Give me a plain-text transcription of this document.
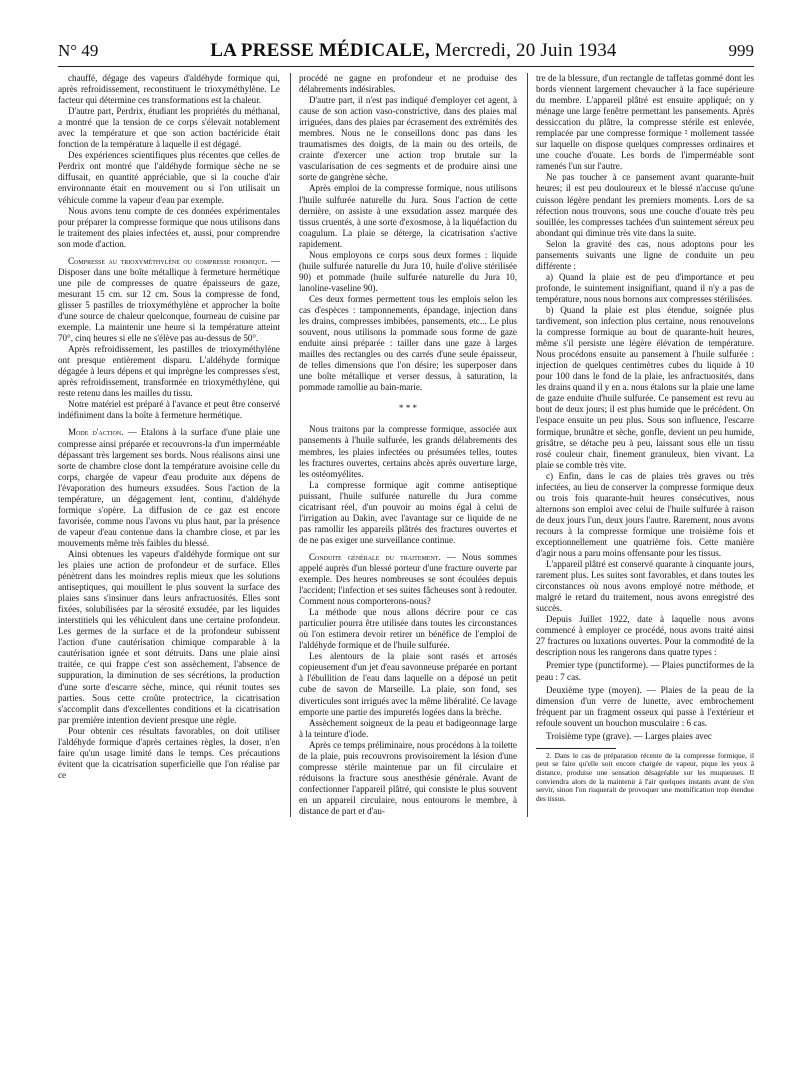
N° 49	LA PRESSE MÉDICALE, Mercredi, 20 Juin 1934	999

chauffé, dégage des vapeurs d'aldéhyde formique qui, après refroidissement, reconstituent le trioxyméthylène. Le facteur qui détermine ces transformations est la chaleur.

D'autre part, Perdrix, étudiant les propriétés du méthanal, a montré que la tension de ce corps s'élevait notablement avec la température et que son action bactéricide était fonction de la température à laquelle il est dégagé.

Des expériences scientifiques plus récentes que celles de Perdrix ont montré que l'aldéhyde formique sèche ne se diffusait, en quantité appréciable, que si la couche d'air environnante était en mouvement ou si l'on utilisait un véhicule comme la vapeur d'eau par exemple.

Nous avons tenu compte de ces données expérimentales pour préparer la compresse formique que nous utilisons dans le traitement des plaies infectées et, aussi, pour comprendre son mode d'action.

Compresse au trioxyméthylène ou compresse formique. — Disposer dans une boîte métallique à fermeture hermétique une pile de compresses de quatre épaisseurs de gaze, mesurant 15 cm. sur 12 cm. Sous la compresse de fond, glisser 5 pastilles de trioxyméthylène et approcher la boîte d'une source de chaleur quelconque, fourneau de cuisine par exemple. La maintenir une heure si la température atteint 70°, cinq heures si elle ne s'élève pas au-dessus de 50°.

Après refroidissement, les pastilles de trioxyméthylène ont presque entièrement disparu. L'aldéhyde formique dégagée à leurs dépens et qui imprègne les compresses s'est, après refroidissement, transformée en trioxyméthylène, qui reste retenu dans les mailles du tissu.

Notre matériel est préparé à l'avance et peut être conservé indéfiniment dans la boîte à fermeture hermétique.

Mode d'action. — Etalons à la surface d'une plaie une compresse ainsi préparée et recouvrons-la d'un imperméable dépassant très largement ses bords. Nous réalisons ainsi une sorte de chambre close dont la température avoisine celle du corps, chargée de vapeur d'eau produite aux dépens de l'évaporation des humeurs exsudées. Sous l'action de la température, un dégagement lent, continu, d'aldéhyde formique s'opère. La diffusion de ce gaz est encore favorisée, comme nous l'avons vu plus haut, par la présence de vapeur d'eau contenue dans la chambre close, et par les mouvements même très faibles du blessé.

Ainsi obtenues les vapeurs d'aldéhyde formique ont sur les plaies une action de profondeur et de surface. Elles pénètrent dans les moindres replis mieux que les solutions antiseptiques, qui mouillent le plus souvent la surface des plaies sans s'insinuer dans leurs anfractuosités. Elles sont fixées, solubilisées par la sérosité exsudée, par les liquides interstitiels qui les véhiculent dans une certaine profondeur. Les germes de la surface et de la profondeur subissent l'action d'une cautérisation chimique comparable à la cautérisation ignée et sont détruits. Dans une plaie ainsi traitée, ce qui frappe c'est son assèchement, l'absence de suppuration, la diminution de ses sécrétions, la production d'une sorte d'escarre sèche, mince, qui réunit toutes ses parties. Sous cette croûte protectrice, la cicatrisation s'accomplit dans d'excellentes conditions et la cicatrisation par première intention devient presque une règle.

Pour obtenir ces résultats favorables, on doit utiliser l'aldéhyde formique d'après certaines règles, la doser, n'en faire qu'un usage limité dans le temps. Ces précautions évitent que la cicatrisation superficielle que l'on réalise par ce

procédé ne gagne en profondeur et ne produise des délabrements indésirables.

D'autre part, il n'est pas indiqué d'employer cet agent, à cause de son action vaso-constrictive, dans des plaies mal irriguées, dans des plaies par écrasement des extrémités des membres. Nous ne le conseillons donc pas dans les traumatismes des doigts, de la main ou des orteils, de crainte d'exercer une action trop brutale sur la vascularisation de ces segments et de produire ainsi une sorte de gangrène sèche.

Après emploi de la compresse formique, nous utilisons l'huile sulfurée naturelle du Jura. Sous l'action de cette dernière, on assiste à une exsudation assez marquée des tissus cruentés, à une sorte d'exosmose, à la liquéfaction du coagulum. La plaie se déterge, la cicatrisation s'active rapidement.

Nous employons ce corps sous deux formes : liquide (huile sulfurée naturelle du Jura 10, huile d'olive stérilisée 90) et pommade (huile sulfurée naturelle du Jura 10, lanoline-vaseline 90).

Ces deux formes permettent tous les emplois selon les cas d'espèces : tamponnements, épandage, injection dans les drains, compresses imbibées, pansements, etc... Le plus souvent, nous utilisons la pommade sous forme de gaze enduite ainsi préparée : tailler dans une gaze à larges mailles des rectangles ou des carrés d'une seule épaisseur, de telles dimensions que l'on désire; les superposer dans une boîte métallique et verser dessus, à saturation, la pommade ramollie au bain-marie.

* * *

Nous traitons par la compresse formique, associée aux pansements à l'huile sulfurée, les grands délabrements des membres, les plaies infectées ou présumées telles, toutes les fractures ouvertes, certains abcès après ouverture large, les ostéomyélites.

La compresse formique agit comme antiseptique puissant, l'huile sulfurée naturelle du Jura comme cicatrisant réel, d'un pouvoir au moins égal à celui de l'irrigation au Dakin, avec l'avantage sur ce liquide de ne pas ramollir les appareils plâtrés des fractures ouvertes et de ne pas exiger une surveillance continue.

Conduite générale du traitement. — Nous sommes appelé auprès d'un blessé porteur d'une fracture ouverte par exemple. Des heures nombreuses se sont écoulées depuis l'accident; l'infection et ses suites fâcheuses sont à redouter. Comment nous comporterons-nous?

La méthode que nous allons décrire pour ce cas particulier pourra être utilisée dans toutes les circonstances où l'on estimera devoir retirer un bénéfice de l'emploi de l'aldéhyde formique et de l'huile sulfurée.

Les alentours de la plaie sont rasés et arrosés copieusement d'un jet d'eau savonneuse préparée en portant à l'ébullition de l'eau dans laquelle on a déposé un petit cube de savon de Marseille. La plaie, son fond, ses diverticules sont irrigués avec la même libéralité. Ce lavage emporte une partie des impuretés logées dans la brèche.

Assèchement soigneux de la peau et badigeonnage large à la teinture d'iode.

Après ce temps préliminaire, nous procédons à la toilette de la plaie, puis recouvrons provisoirement la lésion d'une compresse stérile maintenue par un fil circulaire et réduisons la fracture sous anesthésie générale. Avant de confectionner l'appareil plâtré, qui consiste le plus souvent en un appareil circulaire, nous entourons le membre, à distance de part et d'au-

tre de la blessure, d'un rectangle de taffetas gommé dont les bords viennent largement chevaucher à la face supérieure du membre. L'appareil plâtré est ensuite appliqué; on y ménage une large fenêtre permettant les pansements. Après dessiccation du plâtre, la compresse stérile est enlevée, remplacée par une compresse formique ² mollement tassée sur laquelle on dispose quelques compresses ordinaires et une couche d'ouate. Les bords de l'imperméable sont ramenés l'un sur l'autre.

Ne pas toucher à ce pansement avant quarante-huit heures; il est peu douloureux et le blessé n'accuse qu'une cuisson légère pendant les premiers moments. Lors de sa réfection nous trouvons, sous une couche d'ouate très peu souillée, les compresses tachées d'un suintement séreux peu abondant qui diminue très vite dans la suite.

Selon la gravité des cas, nous adoptons pour les pansements suivants une ligne de conduite un peu différente :

a) Quand la plaie est de peu d'importance et peu profonde, le suintement insignifiant, quand il n'y a pas de température, nous nous bornons aux compresses stérilisées.

b) Quand la plaie est plus étendue, soignée plus tardivement, son infection plus certaine, nous renouvelons la compresse formique au bout de quarante-huit heures, même s'il persiste une légère élévation de température. Nous procédons ensuite au pansement à l'huile sulfurée : injection de quelques centimètres cubes du liquide à 10 pour 100 dans le fond de la plaie, les anfractuosités, dans les drains quand il y en a. nous étalons sur la plaie une lame de gaze enduite d'huile sulfurée. Ce pansement est revu au bout de deux jours; il est plus humide que le précédent. On l'espace ensuite un peu plus. Sous son influence, l'escarre formique, brunâtre et sèche, gonfle, devient un peu humide, grisâtre, se détache peu à peu, laissant sous elle un tissu rosé couleur chair, finement granuleux, bien vivant. La plaie se comble très vite.

c) Enfin, dans le cas de plaies très graves ou très infectées, au lieu de conserver la compresse formique deux ou trois fois quarante-huit heures consécutives, nous alternons son emploi avec celui de l'huile sulfurée à raison de deux jours l'un, deux jours l'autre. Rarement, nous avons recours à la compresse formique une troisième fois et exceptionnellement une quatrième fois. Cette manière d'agir nous a paru moins offensante pour les tissus.

L'appareil plâtré est conservé quarante à cinquante jours, rarement plus. Les suites sont favorables, et dans toutes les circonstances où nous avons employé notre méthode, et malgré le retard du traitement, nous avons enregistré des succès.

Depuis Juillet 1922, date à laquelle nous avons commencé à employer ce procédé, nous avons traité ainsi 27 fractures ou luxations ouvertes. Pour la commodité de la description nous les rangerons dans quatre types :

Premier type (punctiforme). — Plaies punctiformes de la peau : 7 cas.

Deuxième type (moyen). — Plaies de la peau de la dimension d'un verre de lunette, avec embrochement fréquent par un fragment osseux qui passe à l'extérieur et refoule souvent un bouchon musculaire : 6 cas.

Troisième type (grave). — Larges plaies avec

2. Dans le cas de préparation récente de la compresse formique, il peut se faire qu'elle soit encore chargée de vapeur, pique les yeux à distance, produise une sensation désagréable sur les muqueuses. Il conviendra alors de la maintenir à l'air quelques instants avant de s'en servir, sinon l'on risquerait de provoquer une momification trop étendue des tissus.
